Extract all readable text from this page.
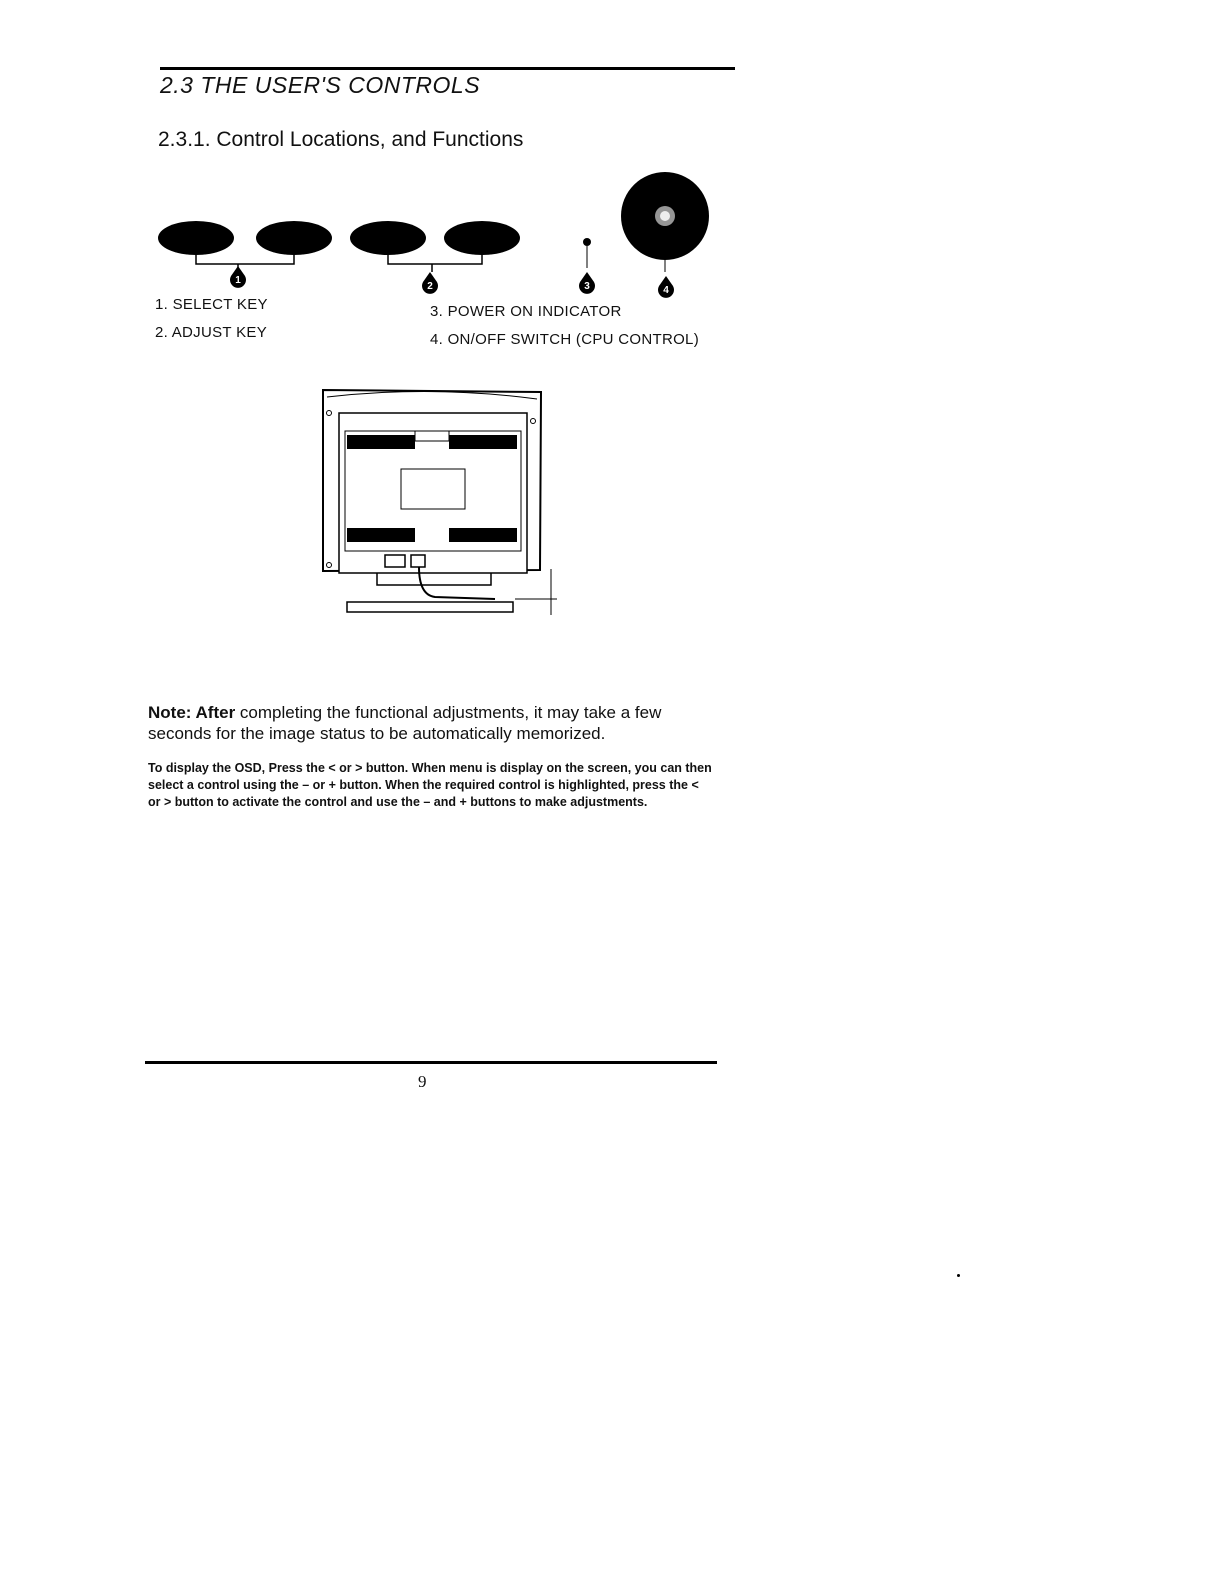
2.3 THE USER'S CONTROLS
2.3.1. Control Locations, and Functions
1
2	3	4
1. SELECT KEY
2. ADJUST KEY
3. POWER ON INDICATOR
4. ON/OFF SWITCH (CPU CONTROL)
Note: After completing the functional adjustments, it may take a few seconds for the image status to be automatically memorized.
To display the OSD, Press the < or > button. When menu is display on the screen, you can then select a control using the – or + button. When the required control is highlighted, press the < or > button to activate the control and use the – and + buttons to make adjustments.
9
